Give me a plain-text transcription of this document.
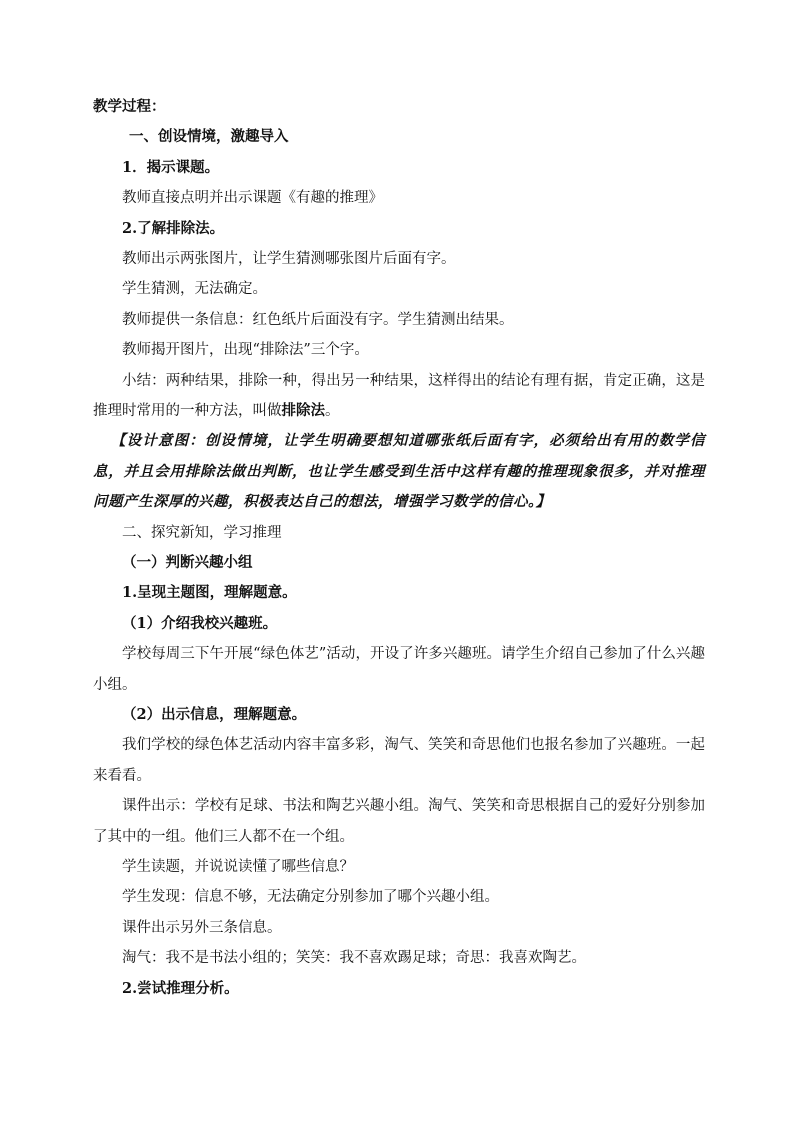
教学过程：
一、创设情境，激趣导入
1．揭示课题。
教师直接点明并出示课题《有趣的推理》
2.了解排除法。
教师出示两张图片，让学生猜测哪张图片后面有字。
学生猜测，无法确定。
教师提供一条信息：红色纸片后面没有字。学生猜测出结果。
教师揭开图片，出现“排除法”三个字。
小结：两种结果，排除一种，得出另一种结果，这样得出的结论有理有据，肯定正确，这是推理时常用的一种方法，叫做排除法。
【设计意图：创设情境，让学生明确要想知道哪张纸后面有字，必须给出有用的数学信息，并且会用排除法做出判断，也让学生感受到生活中这样有趣的推理现象很多，并对推理问题产生深厚的兴趣，积极表达自己的想法，增强学习数学的信心。】
二、探究新知，学习推理
（一）判断兴趣小组
1.呈现主题图，理解题意。
（1）介绍我校兴趣班。
学校每周三下午开展“绿色体艺”活动，开设了许多兴趣班。请学生介绍自己参加了什么兴趣小组。
（2）出示信息，理解题意。
我们学校的绿色体艺活动内容丰富多彩，淘气、笑笑和奇思他们也报名参加了兴趣班。一起来看看。
课件出示：学校有足球、书法和陶艺兴趣小组。淘气、笑笑和奇思根据自己的爱好分别参加了其中的一组。他们三人都不在一个组。
学生读题，并说说读懂了哪些信息？
学生发现：信息不够，无法确定分别参加了哪个兴趣小组。
课件出示另外三条信息。
淘气：我不是书法小组的；笑笑：我不喜欢踢足球；奇思：我喜欢陶艺。
2.尝试推理分析。
